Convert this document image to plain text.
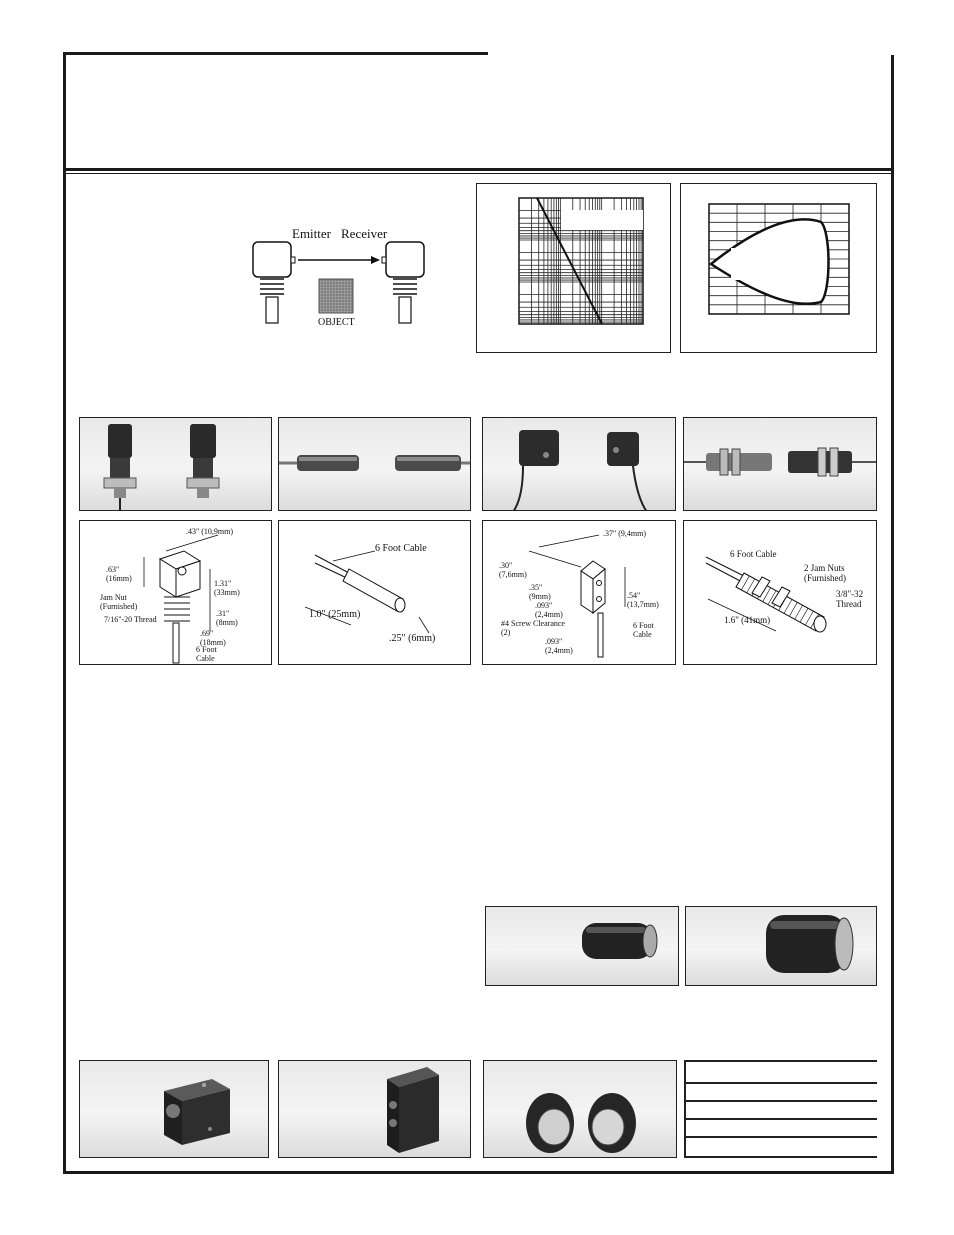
Emitter Receiver
OBJECT
.43" (10,9mm)
.63" (16mm)
1.31" (33mm)
.31" (8mm)
.69" (18mm)
Jam Nut (Furnished)
7/16"-20 Thread
6 Foot Cable
6 Foot Cable
1.0" (25mm)
.25" (6mm)
.37" (9,4mm)
.30" (7,6mm)
.35" (9mm)
.093" (2,4mm)
#4 Screw Clearance (2)
.093" (2,4mm)
.54" (13,7mm)
6 Foot Cable
6 Foot Cable
2 Jam Nuts (Furnished)
3/8"-32 Thread
1.6" (41mm)
